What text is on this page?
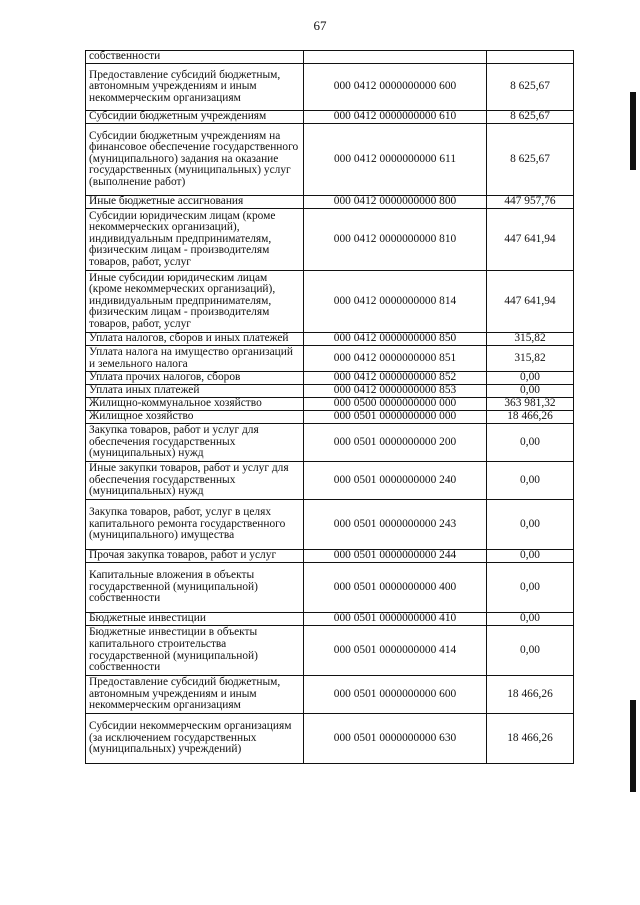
67
собственности		
Предоставление субсидий бюджетным, автономным учреждениям и иным некоммерческим организациям	000 0412 0000000000 600	8 625,67
Субсидии бюджетным учреждениям	000 0412 0000000000 610	8 625,67
Субсидии бюджетным учреждениям на финансовое обеспечение государственного (муниципального) задания на оказание государственных (муниципальных) услуг (выполнение работ)	000 0412 0000000000 611	8 625,67
Иные бюджетные ассигнования	000 0412 0000000000 800	447 957,76
Субсидии юридическим лицам (кроме некоммерческих организаций), индивидуальным предпринимателям, физическим лицам - производителям товаров, работ, услуг	000 0412 0000000000 810	447 641,94
Иные субсидии юридическим лицам (кроме некоммерческих организаций), индивидуальным предпринимателям, физическим лицам - производителям товаров, работ, услуг	000 0412 0000000000 814	447 641,94
Уплата налогов, сборов и иных платежей	000 0412 0000000000 850	315,82
Уплата налога на имущество организаций и земельного налога	000 0412 0000000000 851	315,82
Уплата прочих налогов, сборов	000 0412 0000000000 852	0,00
Уплата иных платежей	000 0412 0000000000 853	0,00
Жилищно-коммунальное хозяйство	000 0500 0000000000 000	363 981,32
Жилищное хозяйство	000 0501 0000000000 000	18 466,26
Закупка товаров, работ и услуг для обеспечения государственных (муниципальных) нужд	000 0501 0000000000 200	0,00
Иные закупки товаров, работ и услуг для обеспечения государственных (муниципальных) нужд	000 0501 0000000000 240	0,00
Закупка товаров, работ, услуг в целях капитального ремонта государственного (муниципального) имущества	000 0501 0000000000 243	0,00
Прочая закупка товаров, работ и услуг	000 0501 0000000000 244	0,00
Капитальные вложения в объекты государственной (муниципальной) собственности	000 0501 0000000000 400	0,00
Бюджетные инвестиции	000 0501 0000000000 410	0,00
Бюджетные инвестиции в объекты капитального строительства государственной (муниципальной) собственности	000 0501 0000000000 414	0,00
Предоставление субсидий бюджетным, автономным учреждениям и иным некоммерческим организациям	000 0501 0000000000 600	18 466,26
Субсидии некоммерческим организациям (за исключением государственных (муниципальных) учреждений)	000 0501 0000000000 630	18 466,26
